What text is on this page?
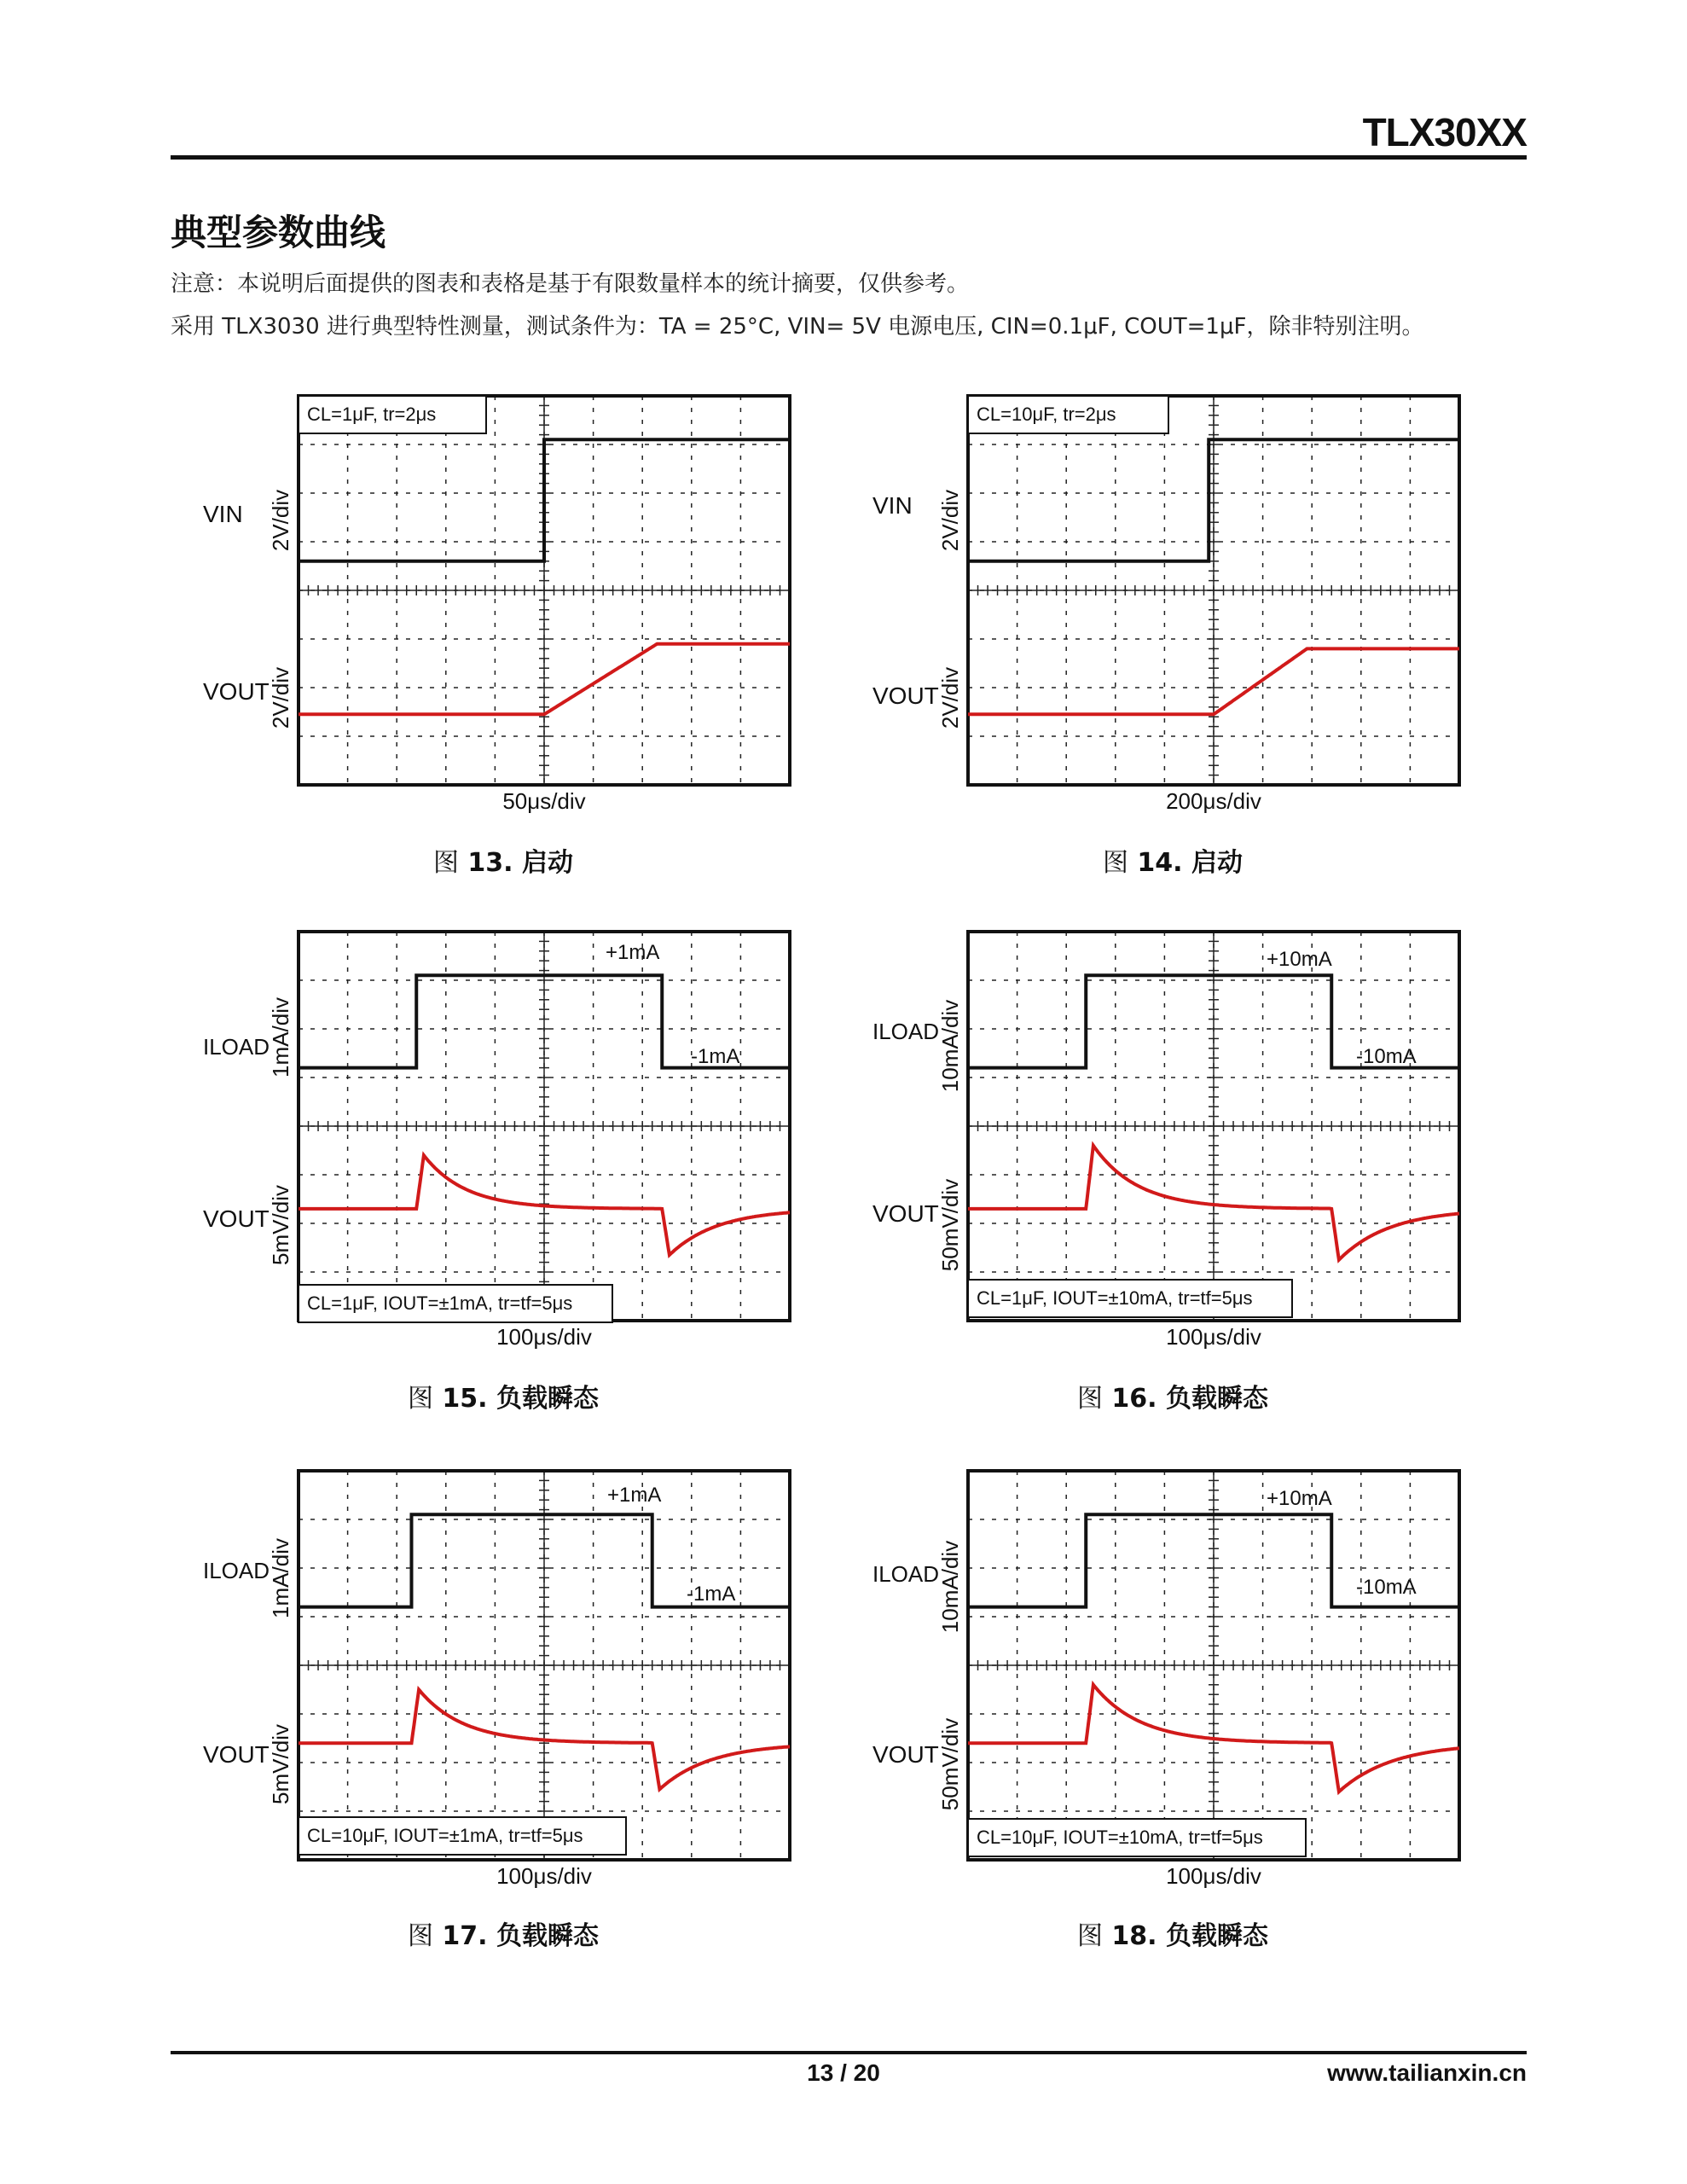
TLX30XX
典型参数曲线
注意：本说明后面提供的图表和表格是基于有限数量样本的统计摘要，仅供参考。
采用 TLX3030 进行典型特性测量，测试条件为：TA = 25°C, VIN= 5V 电源电压, CIN=0.1μF, COUT=1μF，除非特别注明。
CL=1μF, tr=2μs
VIN 2V/div
VOUT
2V/div
50μs/div
图 13. 启动
CL=10μF, tr=2μs
VIN 2V/div
VOUT
2V/div
200μs/div
图 14. 启动
+1mA
-1mA
CL=1μF, IOUT=±1mA, tr=tf=5μs
ILOAD
1mA/div
VOUT
5mV/div
100μs/div
图 15. 负载瞬态
+10mA
-10mA
CL=1μF, IOUT=±10mA, tr=tf=5μs
ILOAD
10mA/div
VOUT
50mV/div
100μs/div
图 16. 负载瞬态
+1mA
-1mA
CL=10μF, IOUT=±1mA, tr=tf=5μs
ILOAD
1mA/div
VOUT
5mV/div
100μs/div
图 17. 负载瞬态
+10mA
-10mA
CL=10μF, IOUT=±10mA, tr=tf=5μs
ILOAD
10mA/div
VOUT
50mV/div
100μs/div
图 18. 负载瞬态
13 / 20	www.tailianxin.cn
